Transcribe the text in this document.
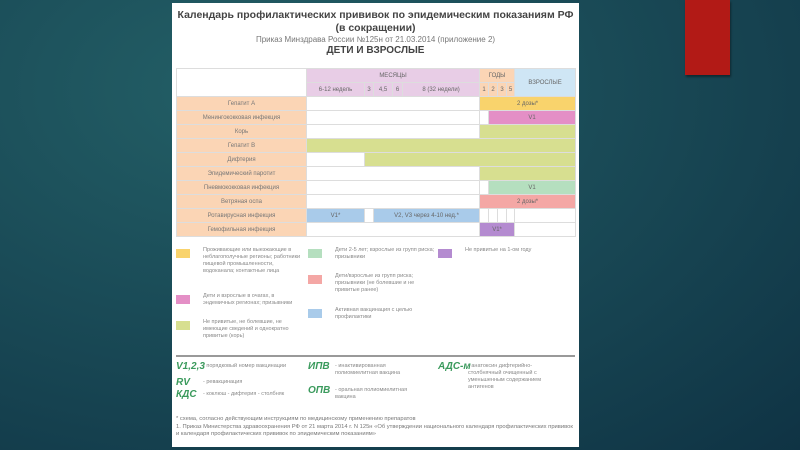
Календарь профилактических прививок по эпидемическим показаниям РФ (в сокращении)
Приказ Минздрава России №125н от 21.03.2014 (приложение 2)
ДЕТИ И ВЗРОСЛЫЕ
	МЕСЯЦЫ					ГОДЫ				ВЗРОСЛЫЕ
	6-12 недель	3	4,5	6	8 (32 недели)	1	2	3	5	
Гепатит А						2 дозы*				
Менингококковая инфекция							V1			
Корь										
Гепатит В										
Дифтерия										
Эпидемический паротит										
Пневмококковая инфекция							V1			
Ветряная оспа						2 дозы*				
Ротавирусная инфекция	V1*		V2, V3 через 4-10 нед.*							
Гемофильная инфекция						V1*				
Проживающие или выезжающие в неблагополучные регионы; работники пищевой промышленности, водоканала; контактные лица
Дети и взрослые в очагах, в эндемичных регионах; призывники
Не привитые, не болевшие, не имеющие сведений и однократно привитые (корь)
Дети 2-5 лет; взрослые из групп риска; призывники
Дети/взрослые из групп риска; призывники (не болевшие и не привитые ранее)
Активная вакцинация с целью профилактики
Не привитые на 1-ом году
V1,2,3
- порядковый номер вакцинации
RV - ревакцинация
КДС - коклюш - дифтерия - столбняк
ИПВ - инактивированная полиомиелитная вакцина
ОПВ - оральная полиомиелитная вакцина
АДС-м
- анатоксин дифтерийно-столбнячный очищенный с уменьшенным содержанием антигенов
* схема, согласно действующим инструкциям по медицинскому применению препаратов
1. Приказ Министерства здравоохранения РФ от 21 марта 2014 г. N 125н «Об утверждении национального календаря профилактических прививок и календаря профилактических прививок по эпидемическим показаниям»
